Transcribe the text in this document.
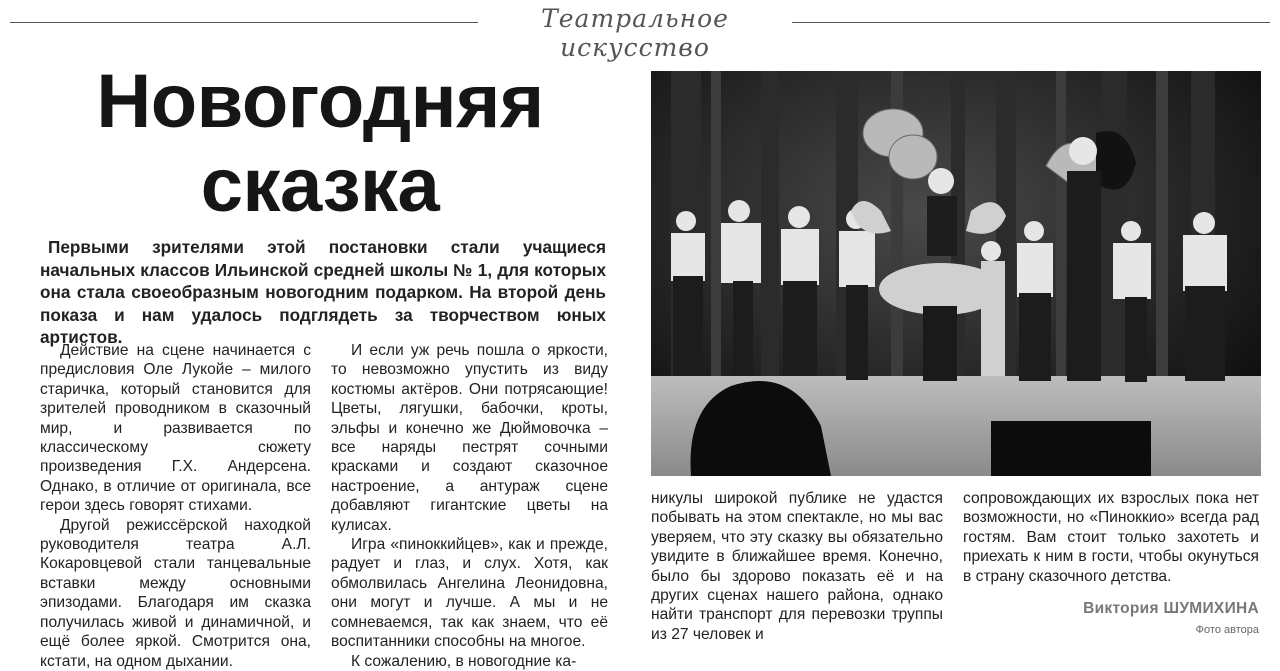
Театральное искусство
Новогодняя
сказка
Первыми зрителями этой постановки стали учащиеся начальных классов Ильинской средней школы № 1, для которых она стала своеобразным новогодним подарком. На второй день показа и нам удалось подглядеть за творчеством юных артистов.

Действие на сцене начинается с предисловия Оле Лукойе – милого старичка, который становится для зрителей проводником в сказочный мир, и развивается по классическому сюжету произведения Г.Х. Андерсена. Однако, в отличие от оригинала, все герои здесь говорят стихами.

Другой режиссёрской находкой руководителя театра А.Л. Кокаровцевой стали танцевальные вставки между основными эпизодами. Благодаря им сказка получилась живой и динамичной, и ещё более яркой. Смотрится она, кстати, на одном дыхании.

И если уж речь пошла о яркости, то невозможно упустить из виду костюмы актёров. Они потрясающие! Цветы, лягушки, бабочки, кроты, эльфы и конечно же Дюймовочка – все наряды пестрят сочными красками и создают сказочное настроение, а антураж сцене добавляют гигантские цветы на кулисах.

Игра «пиноккийцев», как и прежде, радует и глаз, и слух. Хотя, как обмолвилась Ангелина Леонидовна, они могут и лучше. А мы и не сомневаемся, так как знаем, что её воспитанники способны на многое.

К сожалению, в новогодние ка-

никулы широкой публике не удастся побывать на этом спектакле, но мы вас уверяем, что эту сказку вы обязательно увидите в ближайшее время. Конечно, было бы здорово показать её и на других сценах нашего района, однако найти транспорт для перевозки труппы из 27 человек и

сопровождающих их взрослых пока нет возможности, но «Пиноккио» всегда рад гостям. Вам стоит только захотеть и приехать к ним в гости, чтобы окунуться в страну сказочного детства.

Виктория ШУМИХИНА
Фото автора
